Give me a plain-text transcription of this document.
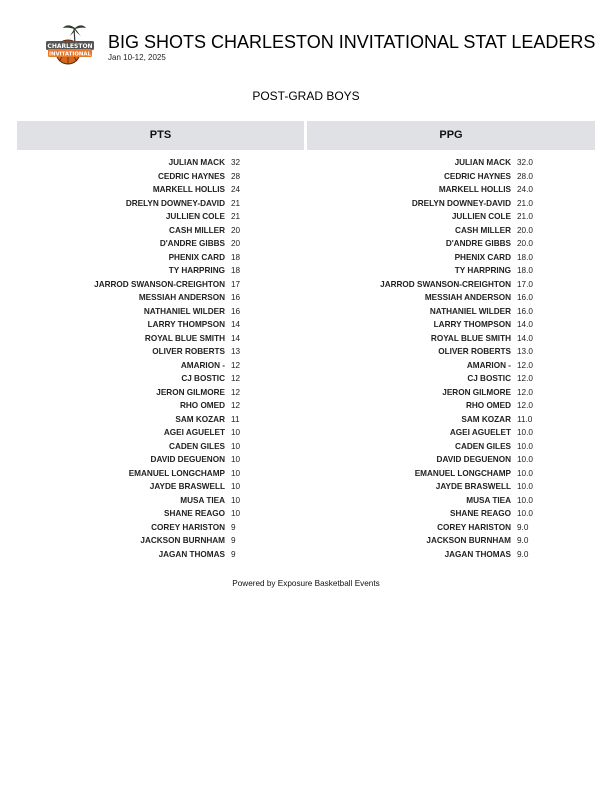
CHARLESTON
INVITATIONAL
BIG SHOTS CHARLESTON INVITATIONAL STAT LEADERS
Jan 10-12, 2025
POST-GRAD BOYS
PTS	PPG
JULIAN MACK 32
CEDRIC HAYNES 28
MARKELL HOLLIS 24
DRELYN DOWNEY-DAVID 21
JULLIEN COLE 21
CASH MILLER 20
D'ANDRE GIBBS 20
PHENIX CARD 18
TY HARPRING 18
JARROD SWANSON-CREIGHTON 17
MESSIAH ANDERSON 16
NATHANIEL WILDER 16
LARRY THOMPSON 14
ROYAL BLUE SMITH 14
OLIVER ROBERTS 13
AMARION - 12
CJ BOSTIC 12
JERON GILMORE 12
RHO OMED 12
SAM KOZAR 11
AGEI AGUELET 10
CADEN GILES 10
DAVID DEGUENON 10
EMANUEL LONGCHAMP 10
JAYDE BRASWELL 10
MUSA TIEA 10
SHANE REAGO 10
COREY HARISTON 9
JACKSON BURNHAM 9
JAGAN THOMAS 9
JULIAN MACK 32.0
CEDRIC HAYNES 28.0
MARKELL HOLLIS 24.0
DRELYN DOWNEY-DAVID 21.0
JULLIEN COLE 21.0
CASH MILLER 20.0
D'ANDRE GIBBS 20.0
PHENIX CARD 18.0
TY HARPRING 18.0
JARROD SWANSON-CREIGHTON 17.0
MESSIAH ANDERSON 16.0
NATHANIEL WILDER 16.0
LARRY THOMPSON 14.0
ROYAL BLUE SMITH 14.0
OLIVER ROBERTS 13.0
AMARION - 12.0
CJ BOSTIC 12.0
JERON GILMORE 12.0
RHO OMED 12.0
SAM KOZAR 11.0
AGEI AGUELET 10.0
CADEN GILES 10.0
DAVID DEGUENON 10.0
EMANUEL LONGCHAMP 10.0
JAYDE BRASWELL 10.0
MUSA TIEA 10.0
SHANE REAGO 10.0
COREY HARISTON 9.0
JACKSON BURNHAM 9.0
JAGAN THOMAS 9.0
Powered by Exposure Basketball Events
